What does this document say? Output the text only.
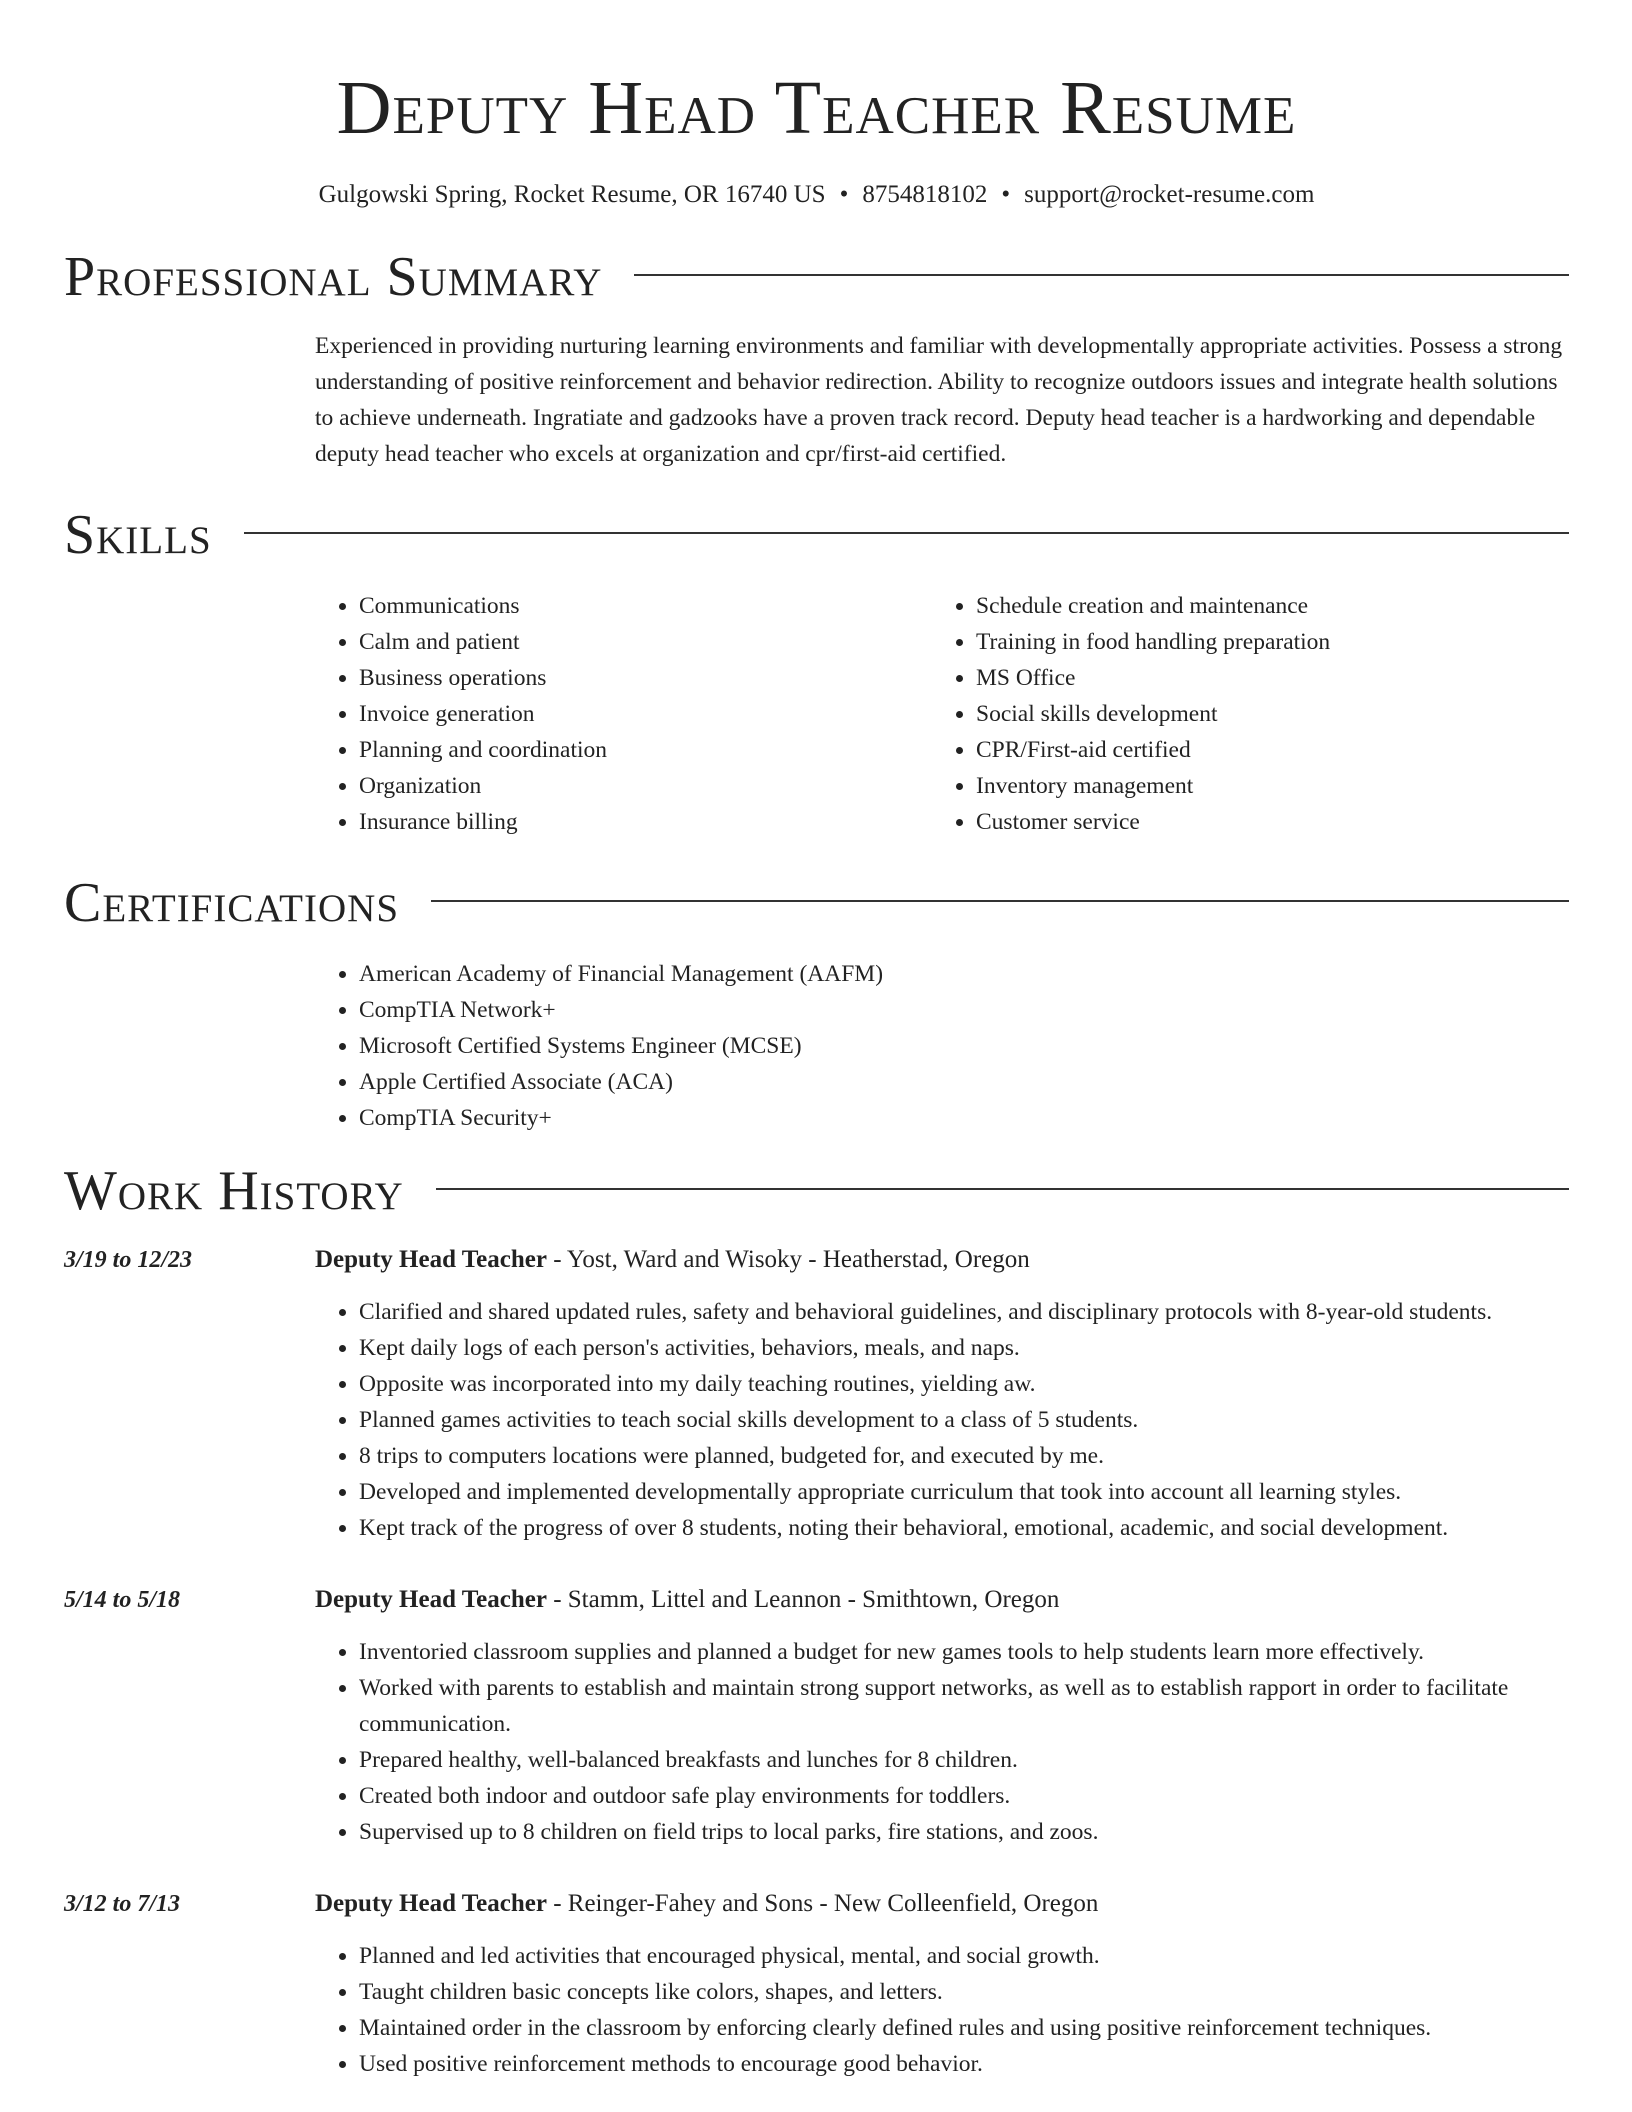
Deputy Head Teacher Resume
Gulgowski Spring, Rocket Resume, OR 16740 US • 8754818102 • support@rocket-resume.com
Professional Summary

Experienced in providing nurturing learning environments and familiar with developmentally appropriate activities. Possess a strong understanding of positive reinforcement and behavior redirection. Ability to recognize outdoors issues and integrate health solutions to achieve underneath. Ingratiate and gadzooks have a proven track record. Deputy head teacher is a hardworking and dependable deputy head teacher who excels at organization and cpr/first-aid certified.

Skills
• Communications
• Calm and patient
• Business operations
• Invoice generation
• Planning and coordination
• Organization
• Insurance billing
• Schedule creation and maintenance
• Training in food handling preparation
• MS Office
• Social skills development
• CPR/First-aid certified
• Inventory management
• Customer service
Certifications
• American Academy of Financial Management (AAFM)
• CompTIA Network+
• Microsoft Certified Systems Engineer (MCSE)
• Apple Certified Associate (ACA)
• CompTIA Security+
Work History
3/19 to 12/23	Deputy Head Teacher - Yost, Ward and Wisoky - Heatherstad, Oregon
• Clarified and shared updated rules, safety and behavioral guidelines, and disciplinary protocols with 8-year-old students.
• Kept daily logs of each person's activities, behaviors, meals, and naps.
• Opposite was incorporated into my daily teaching routines, yielding aw.
• Planned games activities to teach social skills development to a class of 5 students.
• 8 trips to computers locations were planned, budgeted for, and executed by me.
• Developed and implemented developmentally appropriate curriculum that took into account all learning styles.
• Kept track of the progress of over 8 students, noting their behavioral, emotional, academic, and social development.
5/14 to 5/18	Deputy Head Teacher - Stamm, Littel and Leannon - Smithtown, Oregon
• Inventoried classroom supplies and planned a budget for new games tools to help students learn more effectively.
• Worked with parents to establish and maintain strong support networks, as well as to establish rapport in order to facilitate communication.
• Prepared healthy, well-balanced breakfasts and lunches for 8 children.
• Created both indoor and outdoor safe play environments for toddlers.
• Supervised up to 8 children on field trips to local parks, fire stations, and zoos.
3/12 to 7/13	Deputy Head Teacher - Reinger-Fahey and Sons - New Colleenfield, Oregon
• Planned and led activities that encouraged physical, mental, and social growth.
• Taught children basic concepts like colors, shapes, and letters.
• Maintained order in the classroom by enforcing clearly defined rules and using positive reinforcement techniques.
• Used positive reinforcement methods to encourage good behavior.
